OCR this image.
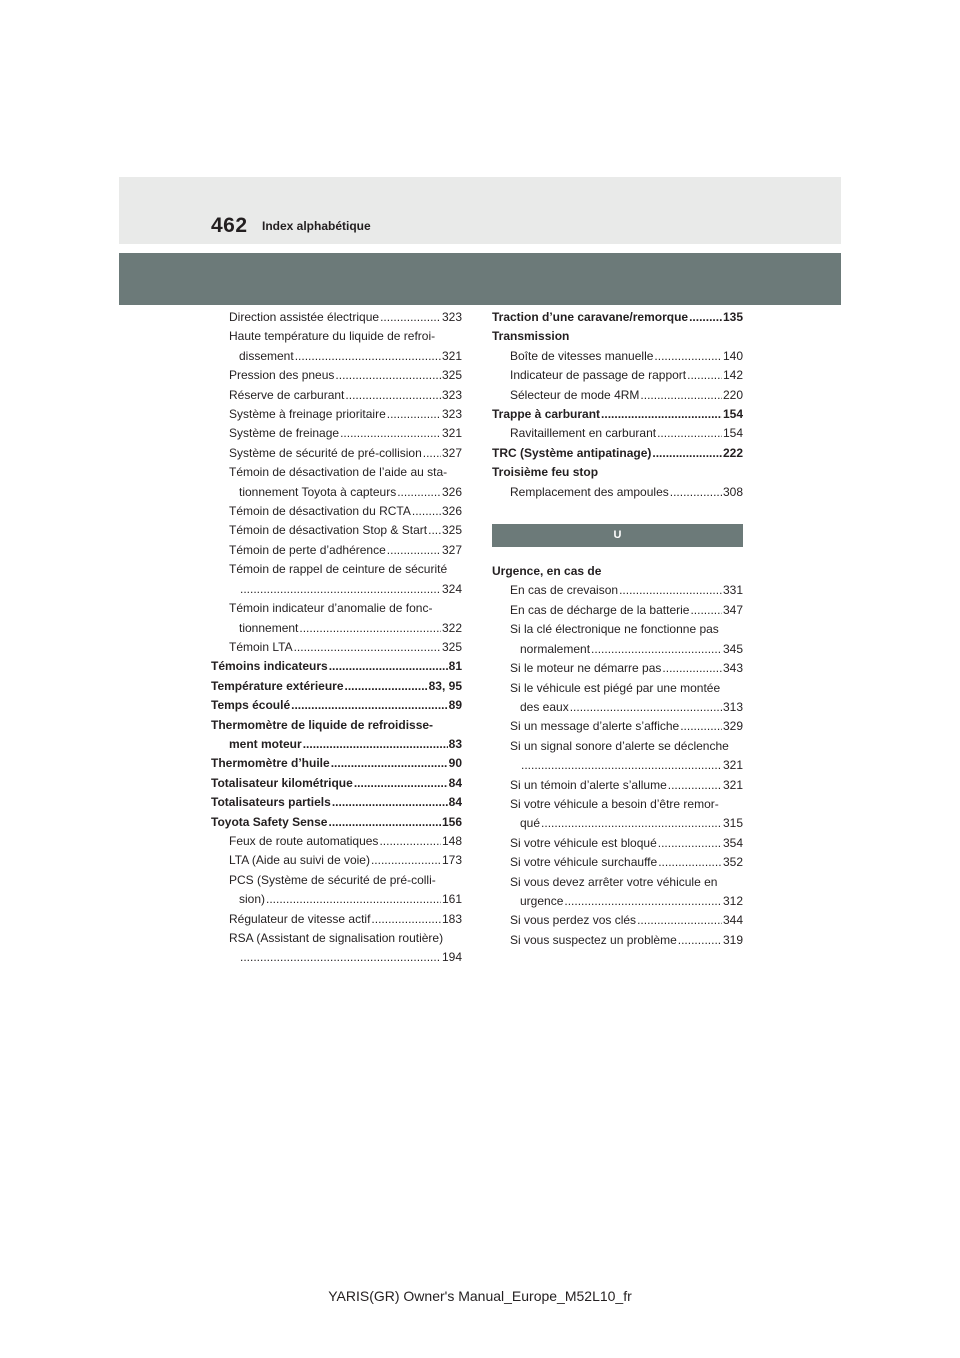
462 Index alphabétique
Direction assistée électrique .....	323
Haute température du liquide de refroi-
dissement .....	321
Pression des pneus .....	325
Réserve de carburant .....	323
Système à freinage prioritaire .....	323
Système de freinage .....	321
Système de sécurité de pré-collision ..... 327
Témoin de désactivation de l’aide au sta-
tionnement Toyota à capteurs .....	326
Témoin de désactivation du RCTA .....	326
Témoin de désactivation Stop & Start ..... 325
Témoin de perte d’adhérence .....	327
Témoin de rappel de ceinture de sécurité
.....
324
Témoin indicateur d’anomalie de fonc-
tionnement .....	322
Témoin LTA .....	325
Témoins indicateurs .....	81
Température extérieure .....	83, 95
Temps écoulé .....	89
Thermomètre de liquide de refroidisse-
ment moteur .....	83
Thermomètre d’huile .....	90
Totalisateur kilométrique .....	84
Totalisateurs partiels .....	84
Toyota Safety Sense .....	156
Feux de route automatiques .....	148
LTA (Aide au suivi de voie) .....	173
PCS (Système de sécurité de pré-colli-
sion) .....	161
Régulateur de vitesse actif .....	183
RSA (Assistant de signalisation routière)
.....
194
Traction d’une caravane/remorque .....	135
Transmission
Boîte de vitesses manuelle .....	140
Indicateur de passage de rapport .....	142
Sélecteur de mode 4RM .....	220
Trappe à carburant .....	154
Ravitaillement en carburant .....	154
TRC (Système antipatinage) .....	222
Troisième feu stop
Remplacement des ampoules .....	308
U
Urgence, en cas de
En cas de crevaison .....	331
En cas de décharge de la batterie .....	347
Si la clé électronique ne fonctionne pas
normalement .....	345
Si le moteur ne démarre pas .....	343
Si le véhicule est piégé par une montée
des eaux .....	313
Si un message d’alerte s’affiche .....	329
Si un signal sonore d’alerte se déclenche
.....
321
Si un témoin d’alerte s’allume .....	321
Si votre véhicule a besoin d’être remor-
qué .....	315
Si votre véhicule est bloqué .....	354
Si votre véhicule surchauffe .....	352
Si vous devez arrêter votre véhicule en
urgence .....	312
Si vous perdez vos clés .....	344
Si vous suspectez un problème .....	319
YARIS(GR) Owner's Manual_Europe_M52L10_fr
